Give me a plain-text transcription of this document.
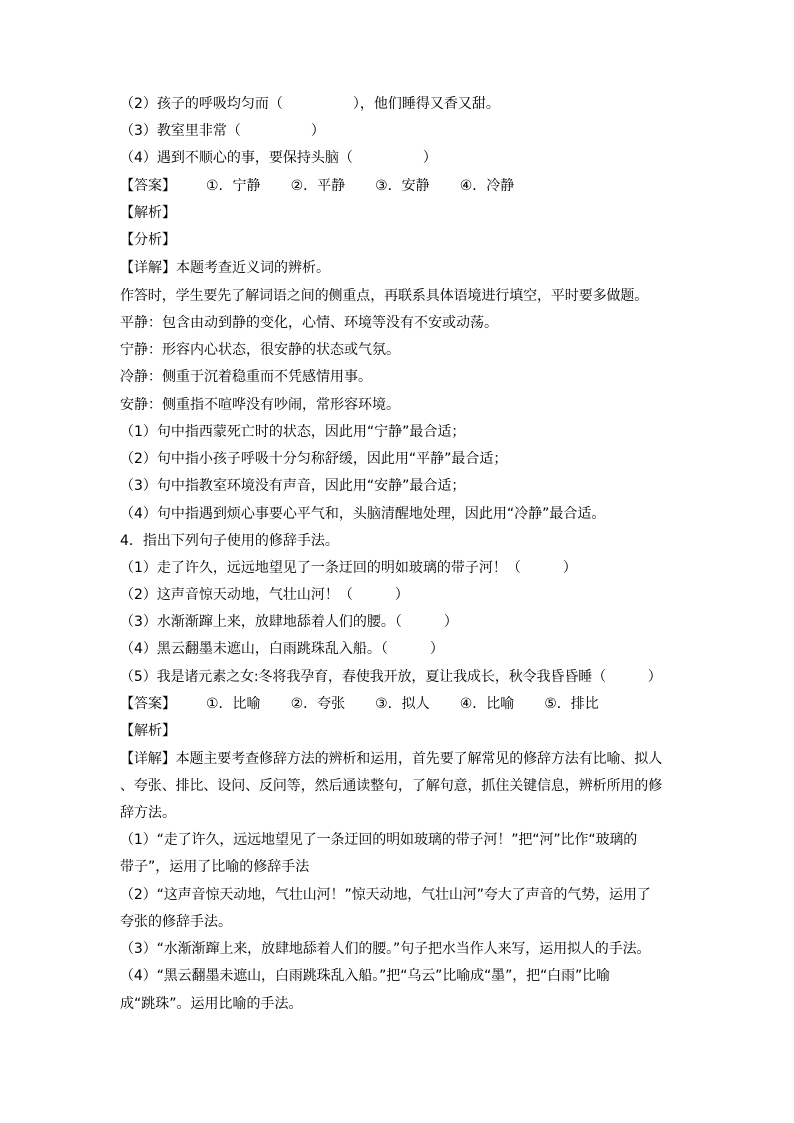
（2）孩子的呼吸均匀而（　　　　　），他们睡得又香又甜。
（3）教室里非常（　　　　　）
（4）遇到不顺心的事，要保持头脑（　　　　　）
【答案】 ①．宁静 ②．平静 ③．安静 ④．冷静
【解析】
【分析】
【详解】本题考查近义词的辨析。
作答时，学生要先了解词语之间的侧重点，再联系具体语境进行填空，平时要多做题。
平静：包含由动到静的变化，心情、环境等没有不安或动荡。
宁静：形容内心状态，很安静的状态或气氛。
冷静：侧重于沉着稳重而不凭感情用事。
安静：侧重指不喧哗没有吵闹，常形容环境。
（1）句中指西蒙死亡时的状态，因此用“宁静”最合适；
（2）句中指小孩子呼吸十分匀称舒缓，因此用“平静”最合适；
（3）句中指教室环境没有声音，因此用“安静”最合适；
（4）句中指遇到烦心事要心平气和，头脑清醒地处理，因此用“冷静”最合适。
4．指出下列句子使用的修辞手法。
（1）走了许久，远远地望见了一条迂回的明如玻璃的带子河！（　　　）
（2）这声音惊天动地，气壮山河！（　　　）
（3）水渐渐蹿上来，放肆地舔着人们的腰。（　　　）
（4）黑云翻墨未遮山，白雨跳珠乱入船。（　　　）
（5）我是诸元素之女:冬将我孕育，春使我开放，夏让我成长，秋令我昏昏睡（　　　）
【答案】 ①．比喻 ②．夸张 ③．拟人 ④．比喻 ⑤．排比
【解析】
【详解】本题主要考查修辞方法的辨析和运用，首先要了解常见的修辞方法有比喻、拟人
、夸张、排比、设问、反问等，然后通读整句，了解句意，抓住关键信息，辨析所用的修
辞方法。
（1）“走了许久，远远地望见了一条迂回的明如玻璃的带子河！”把“河”比作“玻璃的
带子”，运用了比喻的修辞手法
（2）“这声音惊天动地，气壮山河！”惊天动地，气壮山河”夸大了声音的气势，运用了
夸张的修辞手法。
（3）“水渐渐蹿上来，放肆地舔着人们的腰。”句子把水当作人来写，运用拟人的手法。
（4）“黑云翻墨未遮山，白雨跳珠乱入船。”把“乌云”比喻成“墨”，把“白雨”比喻
成“跳珠”。运用比喻的手法。
